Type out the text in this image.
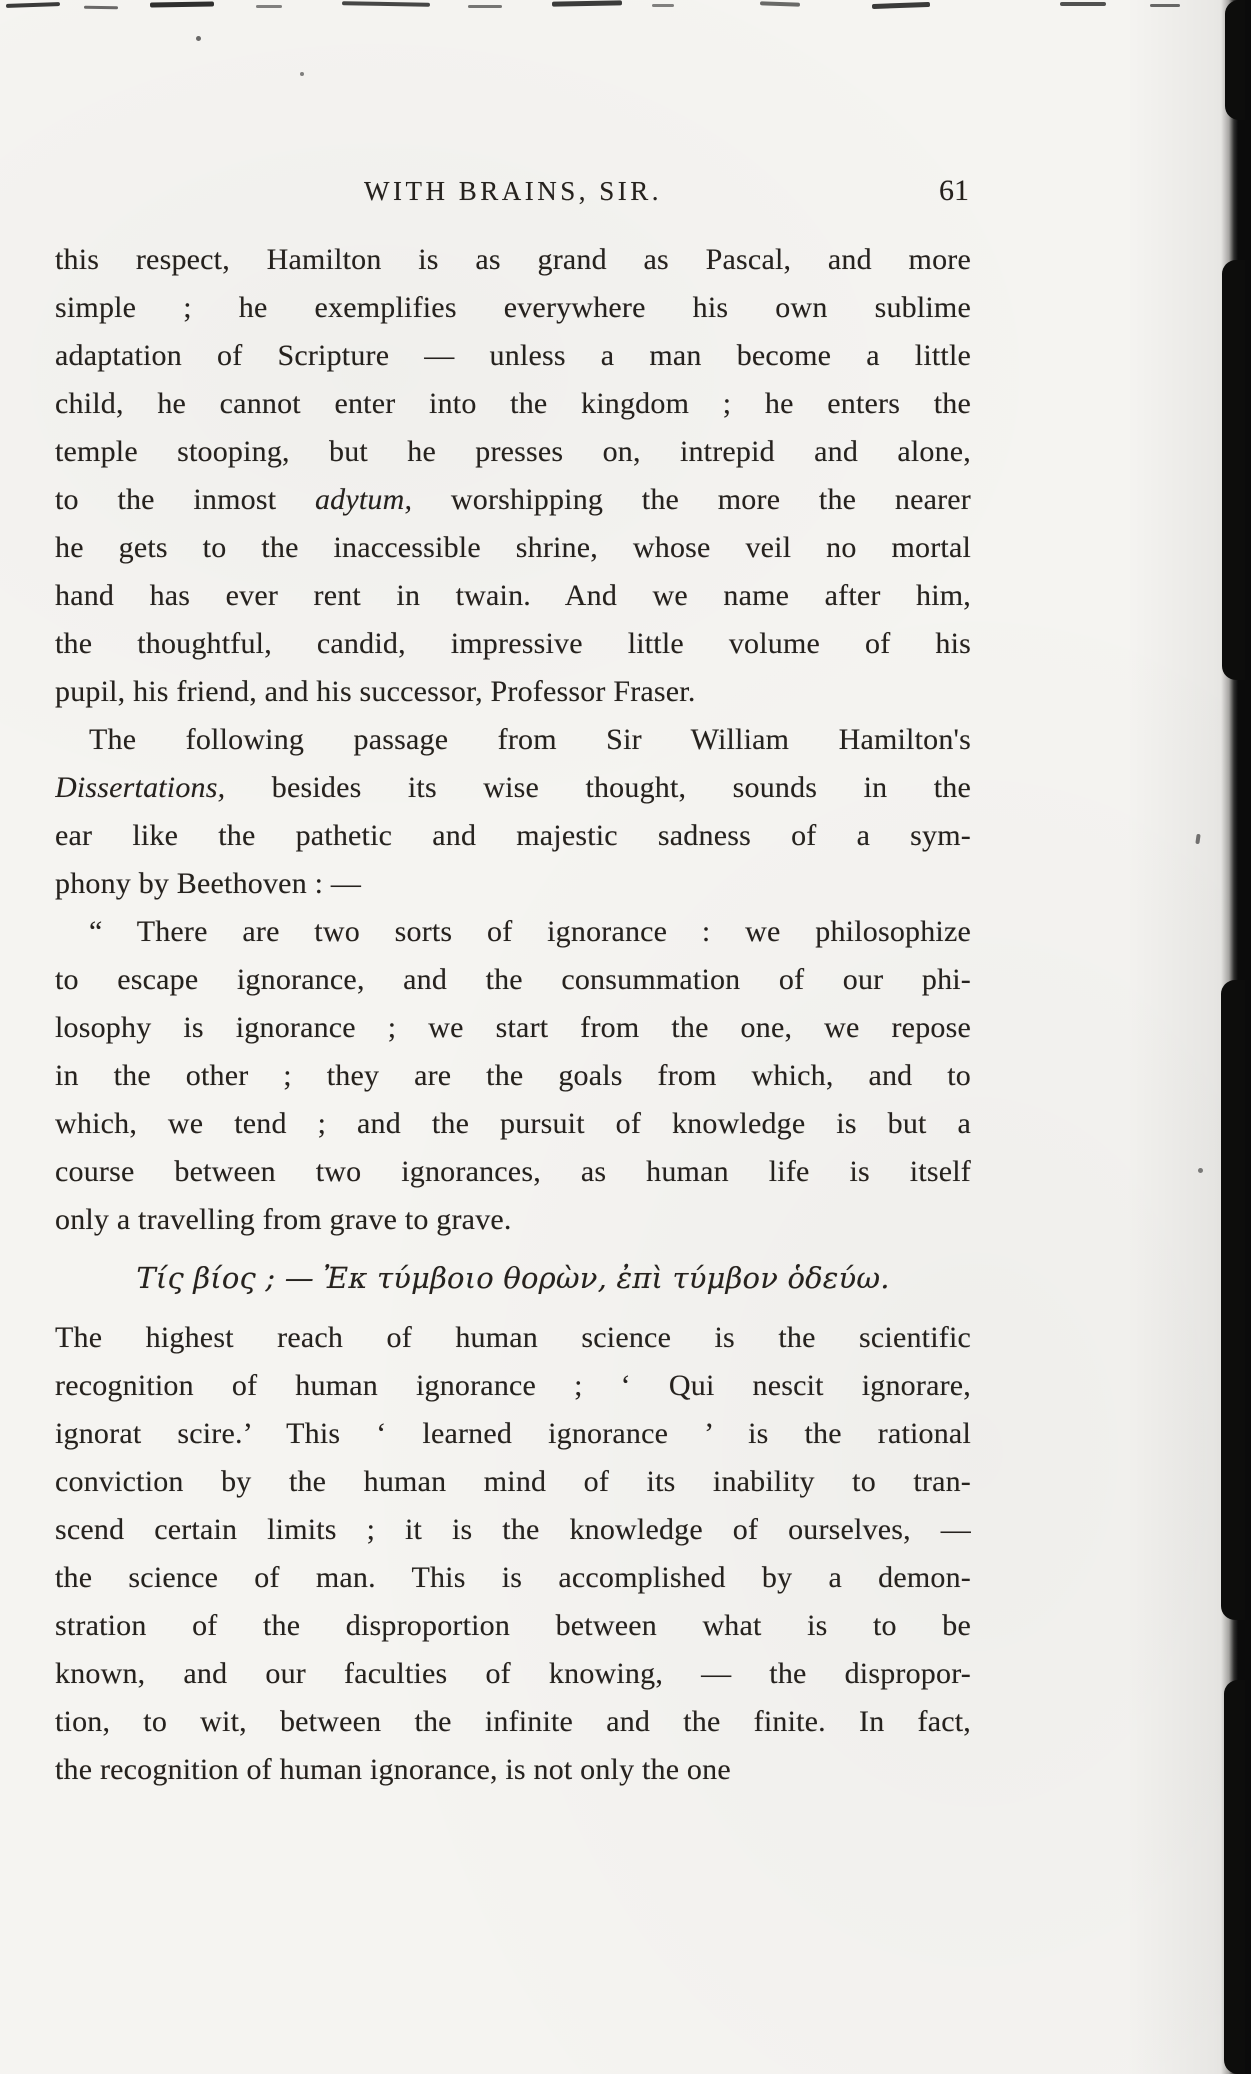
WITH BRAINS, SIR.	61
this respect, Hamilton is as grand as Pascal, and more
simple ; he exemplifies everywhere his own sublime
adaptation of Scripture — unless a man become a little
child, he cannot enter into the kingdom ; he enters the
temple stooping, but he presses on, intrepid and alone,
to the inmost adytum, worshipping the more the nearer
he gets to the inaccessible shrine, whose veil no mortal
hand has ever rent in twain. And we name after him,
the thoughtful, candid, impressive little volume of his
pupil, his friend, and his successor, Professor Fraser.
The following passage from Sir William Hamilton's
Dissertations, besides its wise thought, sounds in the
ear like the pathetic and majestic sadness of a sym-
phony by Beethoven : —
“ There are two sorts of ignorance : we philosophize
to escape ignorance, and the consummation of our phi-
losophy is ignorance ; we start from the one, we repose
in the other ; they are the goals from which, and to
which, we tend ; and the pursuit of knowledge is but a
course between two ignorances, as human life is itself
only a travelling from grave to grave.
Τίς βίος ; — Ἐκ τύμβοιο θορὼν, ἐπὶ τύμβον ὁδεύω.
The highest reach of human science is the scientific
recognition of human ignorance ; ‘ Qui nescit ignorare,
ignorat scire.’ This ‘ learned ignorance ’ is the rational
conviction by the human mind of its inability to tran-
scend certain limits ; it is the knowledge of ourselves, —
the science of man. This is accomplished by a demon-
stration of the disproportion between what is to be
known, and our faculties of knowing, — the dispropor-
tion, to wit, between the infinite and the finite. In fact,
the recognition of human ignorance, is not only the one
